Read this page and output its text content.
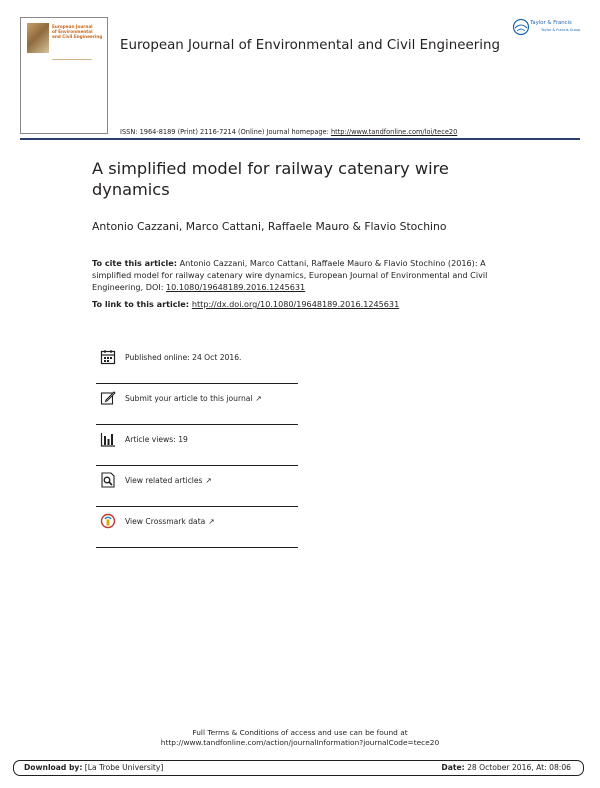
European Journal
of Environmental
and Civil Engineering
European Journal of Environmental and Civil Engineering
Taylor & Francis
Taylor & Francis Group
ISSN: 1964-8189 (Print) 2116-7214 (Online) Journal homepage: http://www.tandfonline.com/loi/tece20
A simplified model for railway catenary wire dynamics
Antonio Cazzani, Marco Cattani, Raffaele Mauro & Flavio Stochino
To cite this article: Antonio Cazzani, Marco Cattani, Raffaele Mauro & Flavio Stochino (2016): A simplified model for railway catenary wire dynamics, European Journal of Environmental and Civil Engineering, DOI: 10.1080/19648189.2016.1245631
To link to this article: http://dx.doi.org/10.1080/19648189.2016.1245631
Published online: 24 Oct 2016.
Submit your article to this journal ↗
Article views: 19
View related articles ↗
View Crossmark data ↗
Full Terms & Conditions of access and use can be found at
http://www.tandfonline.com/action/journalInformation?journalCode=tece20
Download by: [La Trobe University]	Date: 28 October 2016, At: 08:06
